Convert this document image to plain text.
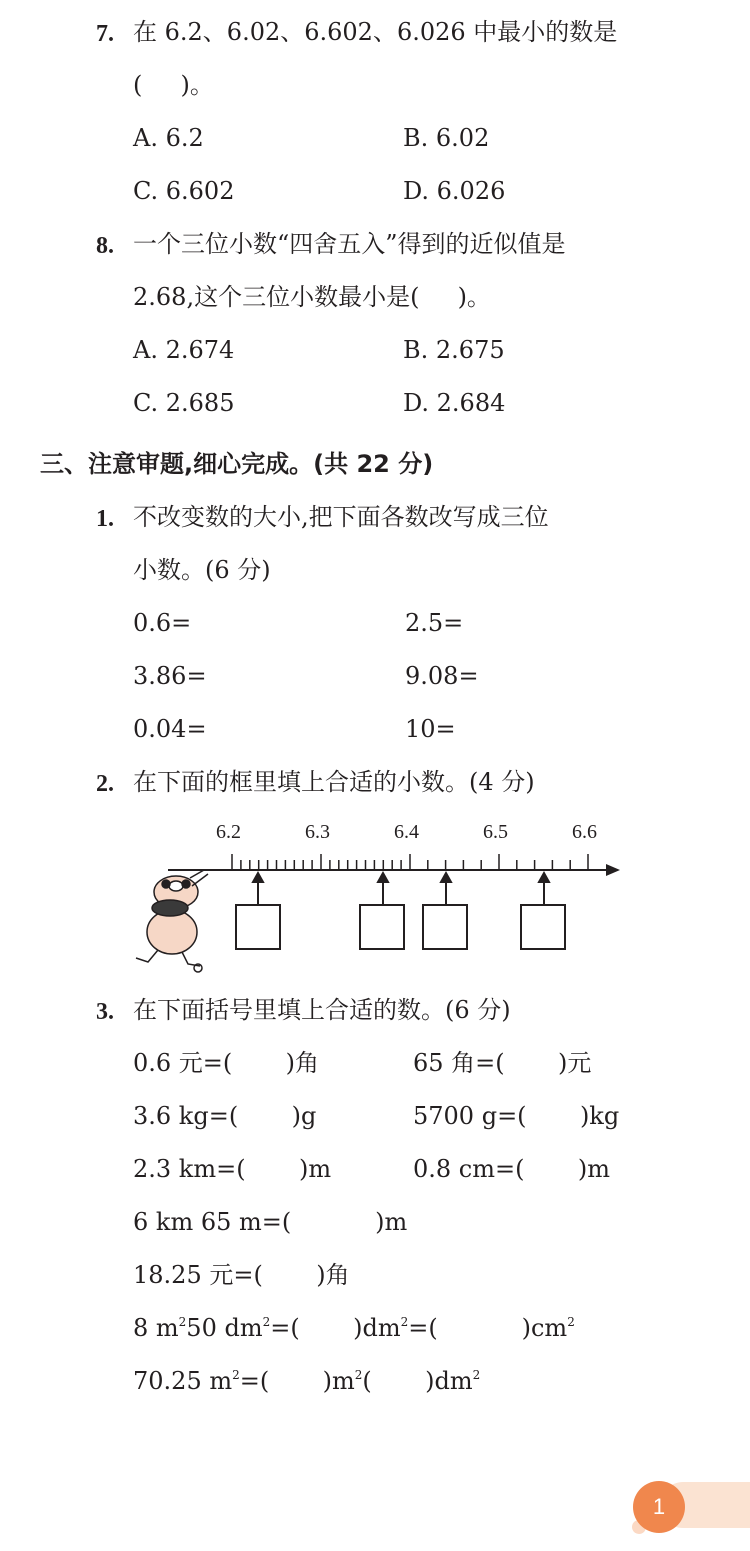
7. 在 6.2、6.02、6.602、6.026 中最小的数是
(     )。
A. 6.2	B. 6.02
C. 6.602	D. 6.026
8. 一个三位小数“四舍五入”得到的近似值是
2.68,这个三位小数最小是(     )。
A. 2.674	B. 2.675
C. 2.685	D. 2.684
三、注意审题,细心完成。(共 22 分)
1. 不改变数的大小,把下面各数改写成三位
小数。(6 分)
0.6=	2.5=
3.86=	9.08=
0.04=	10=
2. 在下面的框里填上合适的小数。(4 分)
6.2	6.3	6.4	6.5	6.6
3. 在下面括号里填上合适的数。(6 分)
0.6 元=(       )角	65 角=(       )元
3.6 kg=(       )g	5700 g=(       )kg
2.3 km=(       )m	0.8 cm=(       )m
6 km 65 m=(           )m
18.25 元=(       )角
8 $m^250$ $dm^2=$(       )$dm^2=$(           )$cm^2$
70.25 $m^2=$(       )$m^2$(       )$dm^2$
1
